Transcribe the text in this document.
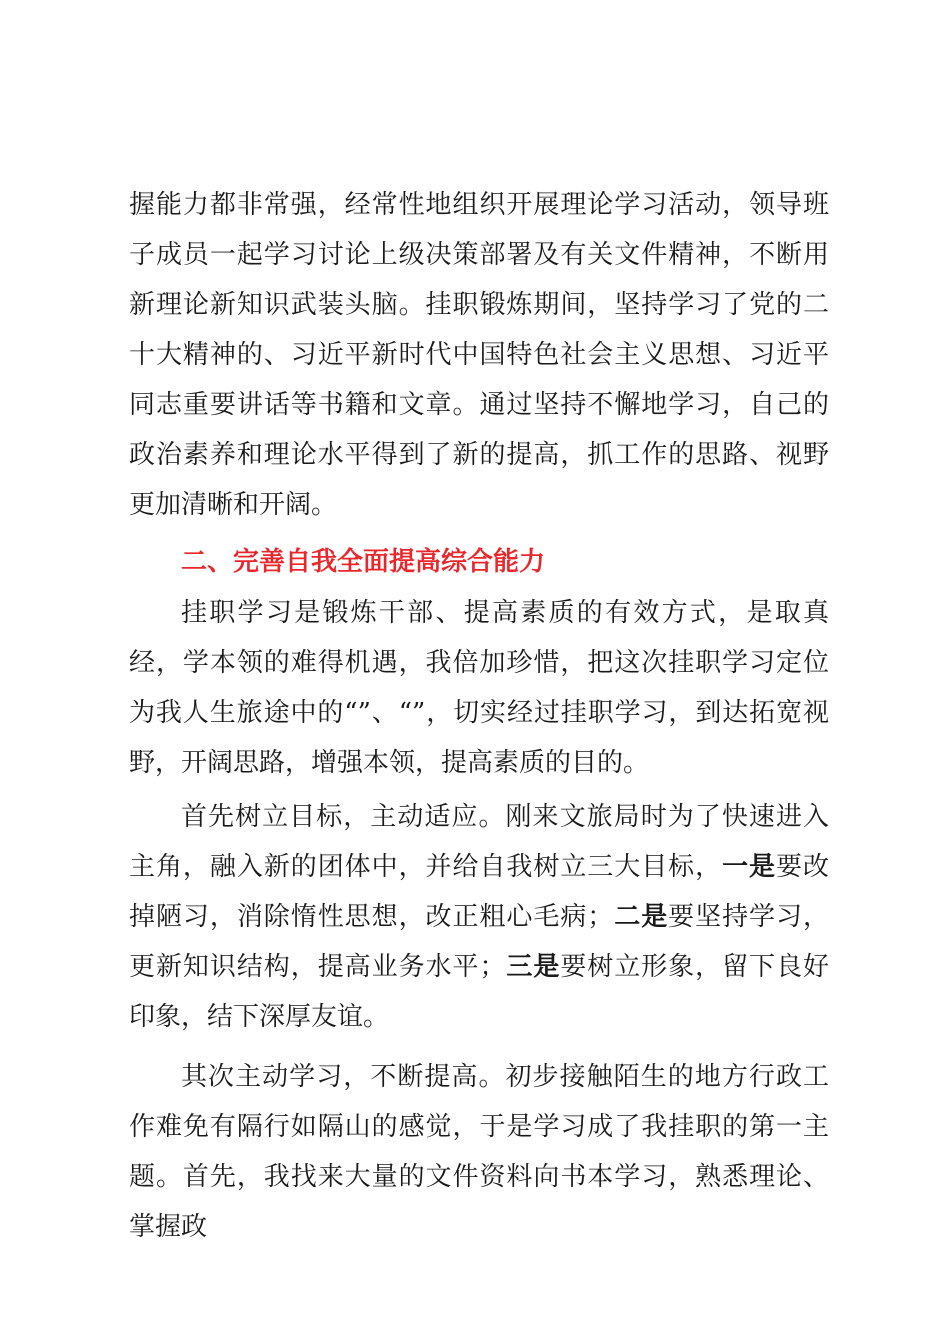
握能力都非常强，经常性地组织开展理论学习活动，领导班子成员一起学习讨论上级决策部署及有关文件精神，不断用新理论新知识武装头脑。挂职锻炼期间，坚持学习了党的二十大精神的、习近平新时代中国特色社会主义思想、习近平同志重要讲话等书籍和文章。通过坚持不懈地学习，自己的政治素养和理论水平得到了新的提高，抓工作的思路、视野更加清晰和开阔。

二、完善自我全面提高综合能力

挂职学习是锻炼干部、提高素质的有效方式，是取真经，学本领的难得机遇，我倍加珍惜，把这次挂职学习定位为我人生旅途中的“”、“”，切实经过挂职学习，到达拓宽视野，开阔思路，增强本领，提高素质的目的。

首先树立目标，主动适应。刚来文旅局时为了快速进入主角，融入新的团体中，并给自我树立三大目标，一是要改掉陋习，消除惰性思想，改正粗心毛病；二是要坚持学习，更新知识结构，提高业务水平；三是要树立形象，留下良好印象，结下深厚友谊。

其次主动学习，不断提高。初步接触陌生的地方行政工作难免有隔行如隔山的感觉，于是学习成了我挂职的第一主题。首先，我找来大量的文件资料向书本学习，熟悉理论、掌握政
